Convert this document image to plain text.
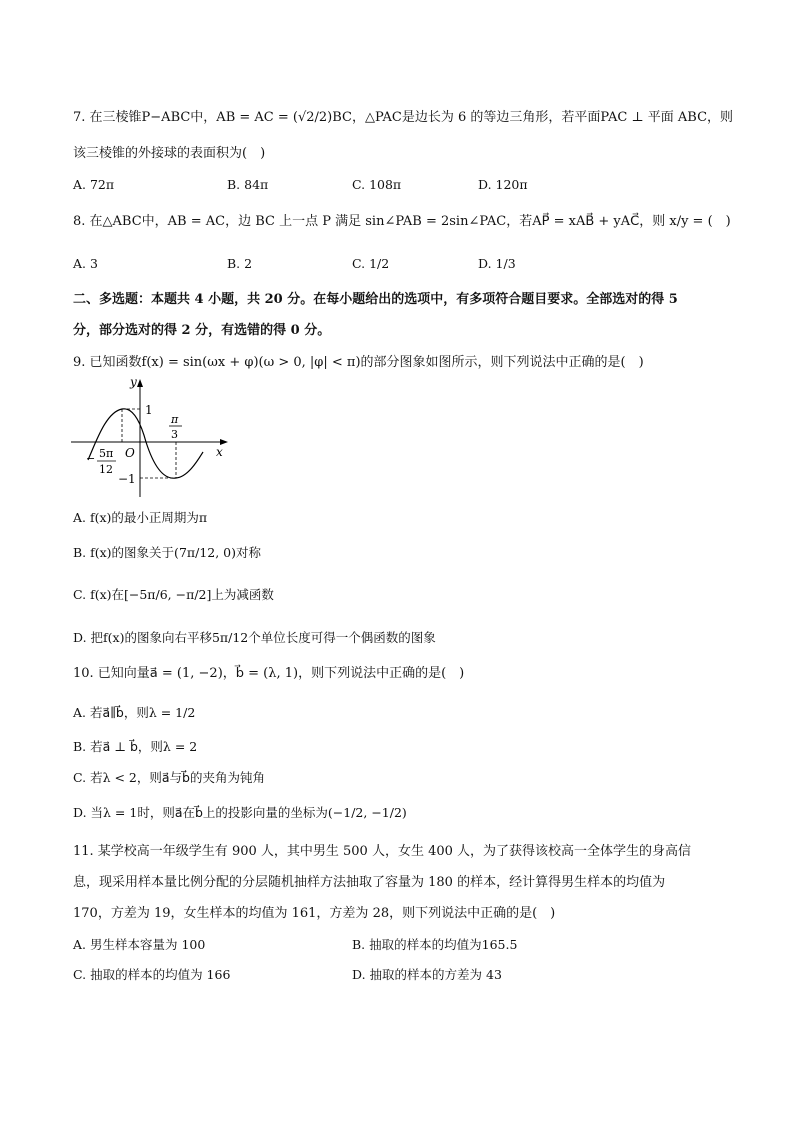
7. 在三棱锥P−ABC中，AB = AC = (√2/2)BC，△PAC是边长为 6 的等边三角形，若平面PAC ⊥ 平面 ABC，则
该三棱锥的外接球的表面积为(　)
A. 72π	B. 84π	C. 108π	D. 120π
8. 在△ABC中，AB = AC，边 BC 上一点 P 满足 sin∠PAB = 2sin∠PAC，若AP⃗ = xAB⃗ + yAC⃗，则 x/y = (　)
A. 3	B. 2	C. 1/2	D. 1/3
二、多选题：本题共 4 小题，共 20 分。在每小题给出的选项中，有多项符合题目要求。全部选对的得 5
分，部分选对的得 2 分，有选错的得 0 分。
9. 已知函数f(x) = sin(ωx + φ)(ω > 0, |φ| < π)的部分图象如图所示，则下列说法中正确的是(　)
y
x
O
1
−1
π
3
− 5π
12
A. f(x)的最小正周期为π
B. f(x)的图象关于(7π/12, 0)对称
C. f(x)在[−5π/6, −π/2]上为减函数
D. 把f(x)的图象向右平移5π/12个单位长度可得一个偶函数的图象
10. 已知向量a⃗ = (1, −2)，b⃗ = (λ, 1)，则下列说法中正确的是(　)
A. 若a⃗∥b⃗，则λ = 1/2
B. 若a⃗ ⊥ b⃗，则λ = 2
C. 若λ < 2，则a⃗与b⃗的夹角为钝角
D. 当λ = 1时，则a⃗在b⃗上的投影向量的坐标为(−1/2, −1/2)
11. 某学校高一年级学生有 900 人，其中男生 500 人，女生 400 人，为了获得该校高一全体学生的身高信
息，现采用样本量比例分配的分层随机抽样方法抽取了容量为 180 的样本，经计算得男生样本的均值为
170，方差为 19，女生样本的均值为 161，方差为 28，则下列说法中正确的是(　)
A. 男生样本容量为 100	B. 抽取的样本的均值为165.5
C. 抽取的样本的均值为 166	D. 抽取的样本的方差为 43
